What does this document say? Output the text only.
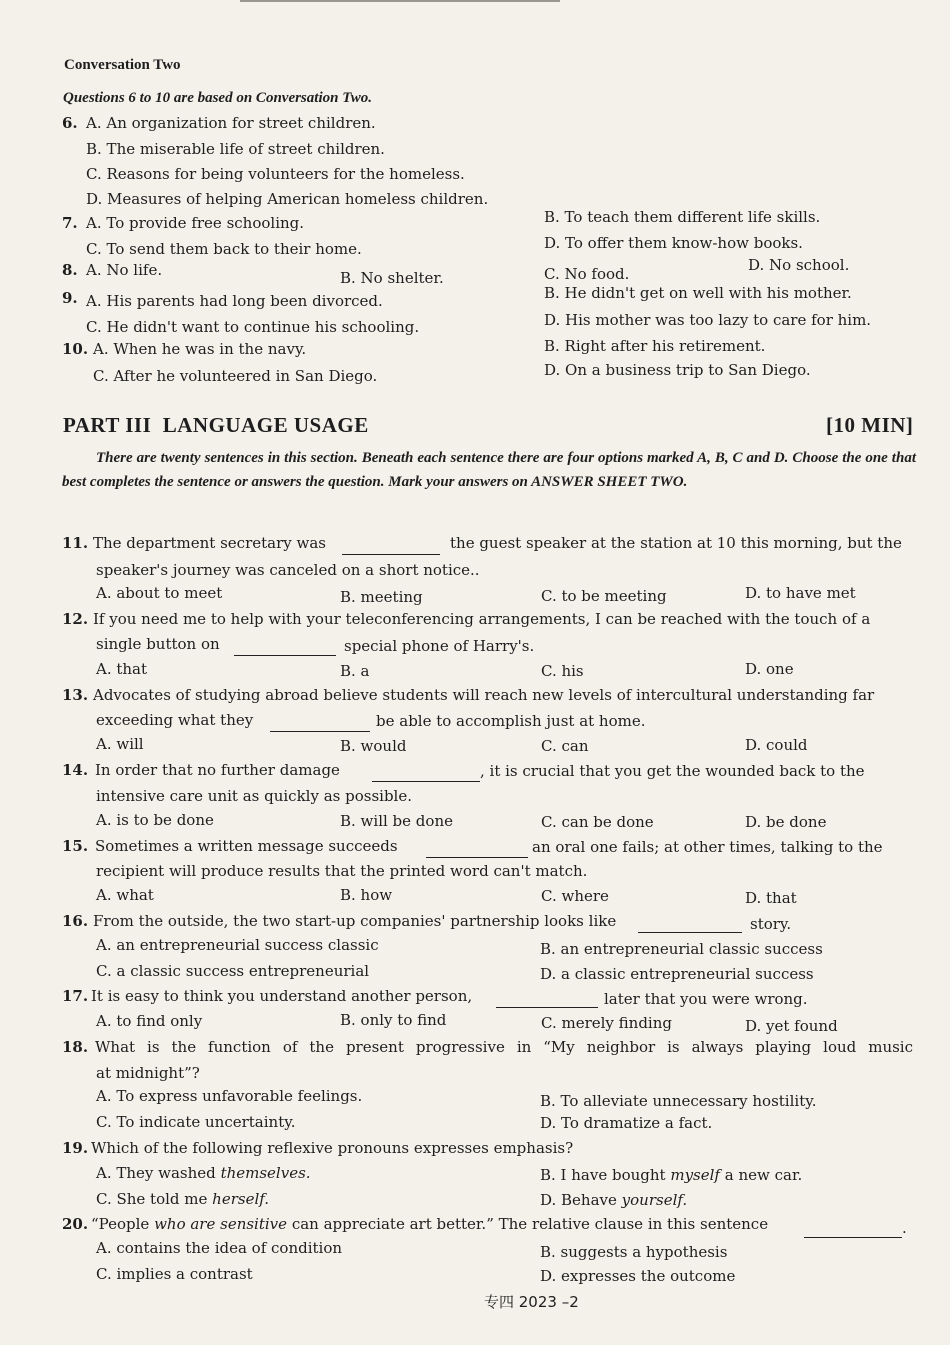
Conversation Two
Questions 6 to 10 are based on Conversation Two.
6. A. An organization for street children.
B. The miserable life of street children.
C. Reasons for being volunteers for the homeless.
D. Measures of helping American homeless children.
7. A. To provide free schooling.	B. To teach them different life skills.
C. To send them back to their home.	D. To offer them know-how books.
8. A. No life.	B. No shelter.	C. No food.	D. No school.
9. A. His parents had long been divorced.	B. He didn't get on well with his mother.
C. He didn't want to continue his schooling.	D. His mother was too lazy to care for him.
10. A. When he was in the navy.	B. Right after his retirement.
C. After he volunteered in San Diego.	D. On a business trip to San Diego.
PART III  LANGUAGE USAGE	[10 MIN]
There are twenty sentences in this section. Beneath each sentence there are four options marked A, B, C and D. Choose the one that best completes the sentence or answers the question. Mark your answers on ANSWER SHEET TWO.
11. The department secretary was	the guest speaker at the station at 10 this morning, but the
speaker's journey was canceled on a short notice..
A. about to meet	B. meeting	C. to be meeting	D. to have met
12. If you need me to help with your teleconferencing arrangements, I can be reached with the touch of a
single button on	special phone of Harry's.
A. that	B. a	C. his	D. one
13. Advocates of studying abroad believe students will reach new levels of intercultural understanding far
exceeding what they	be able to accomplish just at home.
A. will	B. would	C. can	D. could
14. In order that no further damage	, it is crucial that you get the wounded back to the
intensive care unit as quickly as possible.
A. is to be done	B. will be done	C. can be done	D. be done
15. Sometimes a written message succeeds	an oral one fails; at other times, talking to the
recipient will produce results that the printed word can't match.
A. what	B. how	C. where	D. that
16. From the outside, the two start-up companies' partnership looks like	story.
A. an entrepreneurial success classic	B. an entrepreneurial classic success
C. a classic success entrepreneurial	D. a classic entrepreneurial success
17. It is easy to think you understand another person,	later that you were wrong.
A. to find only	B. only to find	C. merely finding	D. yet found
18. What is the function of the present progressive in “My neighbor is always playing loud music
at midnight”?
A. To express unfavorable feelings.	B. To alleviate unnecessary hostility.
C. To indicate uncertainty.	D. To dramatize a fact.
19. Which of the following reflexive pronouns expresses emphasis?
A. They washed themselves.	B. I have bought myself a new car.
C. She told me herself.	D. Behave yourself.
20. “People who are sensitive can appreciate art better.” The relative clause in this sentence	.
A. contains the idea of condition	B. suggests a hypothesis
C. implies a contrast	D. expresses the outcome
专四 2023 –2
